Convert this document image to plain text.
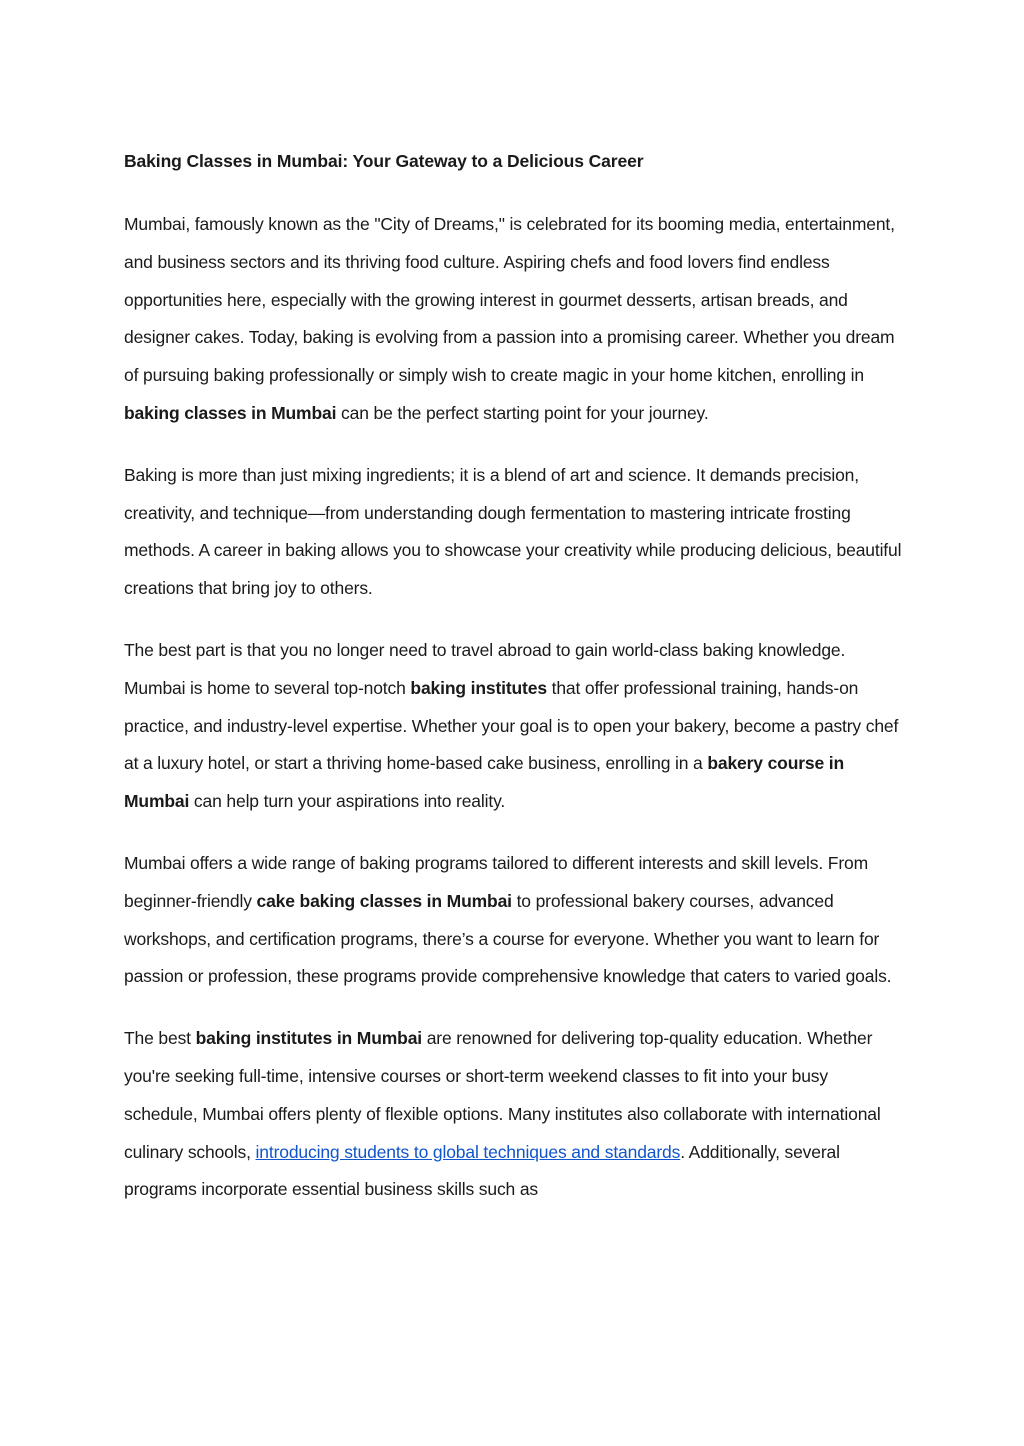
Baking Classes in Mumbai: Your Gateway to a Delicious Career

Mumbai, famously known as the "City of Dreams," is celebrated for its booming media, entertainment, and business sectors and its thriving food culture. Aspiring chefs and food lovers find endless opportunities here, especially with the growing interest in gourmet desserts, artisan breads, and designer cakes. Today, baking is evolving from a passion into a promising career. Whether you dream of pursuing baking professionally or simply wish to create magic in your home kitchen, enrolling in baking classes in Mumbai can be the perfect starting point for your journey.

Baking is more than just mixing ingredients; it is a blend of art and science. It demands precision, creativity, and technique—from understanding dough fermentation to mastering intricate frosting methods. A career in baking allows you to showcase your creativity while producing delicious, beautiful creations that bring joy to others.

The best part is that you no longer need to travel abroad to gain world-class baking knowledge. Mumbai is home to several top-notch baking institutes that offer professional training, hands-on practice, and industry-level expertise. Whether your goal is to open your bakery, become a pastry chef at a luxury hotel, or start a thriving home-based cake business, enrolling in a bakery course in Mumbai can help turn your aspirations into reality.

Mumbai offers a wide range of baking programs tailored to different interests and skill levels. From beginner-friendly cake baking classes in Mumbai to professional bakery courses, advanced workshops, and certification programs, there’s a course for everyone. Whether you want to learn for passion or profession, these programs provide comprehensive knowledge that caters to varied goals.

The best baking institutes in Mumbai are renowned for delivering top-quality education. Whether you're seeking full-time, intensive courses or short-term weekend classes to fit into your busy schedule, Mumbai offers plenty of flexible options. Many institutes also collaborate with international culinary schools, introducing students to global techniques and standards. Additionally, several programs incorporate essential business skills such as
